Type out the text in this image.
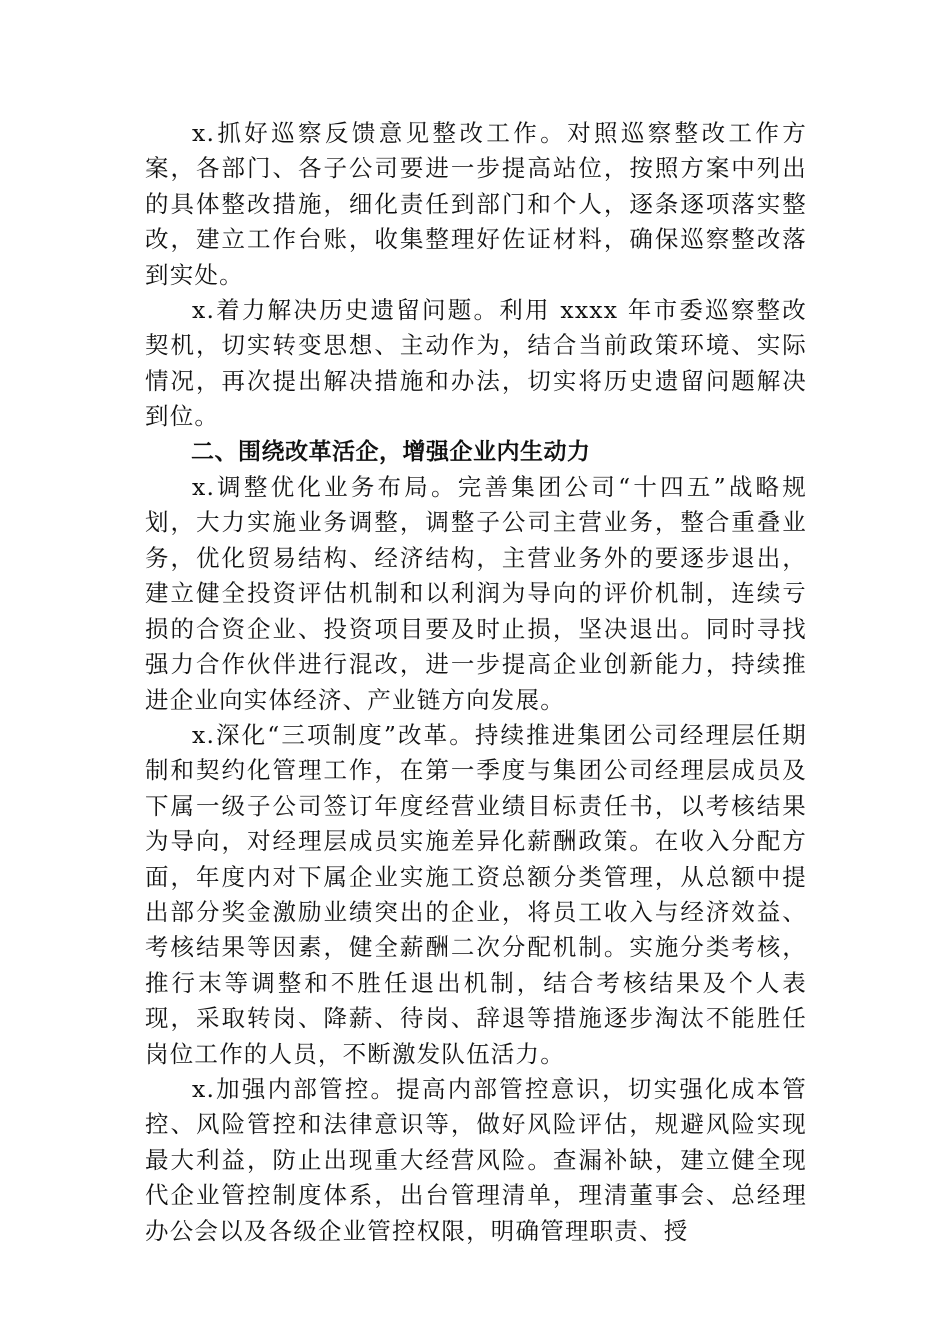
x.抓好巡察反馈意见整改工作。对照巡察整改工作方案，各部门、各子公司要进一步提高站位，按照方案中列出的具体整改措施，细化责任到部门和个人，逐条逐项落实整改，建立工作台账，收集整理好佐证材料，确保巡察整改落到实处。

x.着力解决历史遗留问题。利用 xxxx 年市委巡察整改契机，切实转变思想、主动作为，结合当前政策环境、实际情况，再次提出解决措施和办法，切实将历史遗留问题解决到位。

二、围绕改革活企，增强企业内生动力

x.调整优化业务布局。完善集团公司“十四五”战略规划，大力实施业务调整，调整子公司主营业务，整合重叠业务，优化贸易结构、经济结构，主营业务外的要逐步退出，建立健全投资评估机制和以利润为导向的评价机制，连续亏损的合资企业、投资项目要及时止损，坚决退出。同时寻找强力合作伙伴进行混改，进一步提高企业创新能力，持续推进企业向实体经济、产业链方向发展。

x.深化“三项制度”改革。持续推进集团公司经理层任期制和契约化管理工作，在第一季度与集团公司经理层成员及下属一级子公司签订年度经营业绩目标责任书，以考核结果为导向，对经理层成员实施差异化薪酬政策。在收入分配方面，年度内对下属企业实施工资总额分类管理，从总额中提出部分奖金激励业绩突出的企业，将员工收入与经济效益、考核结果等因素，健全薪酬二次分配机制。实施分类考核，推行末等调整和不胜任退出机制，结合考核结果及个人表现，采取转岗、降薪、待岗、辞退等措施逐步淘汰不能胜任岗位工作的人员，不断激发队伍活力。

x.加强内部管控。提高内部管控意识，切实强化成本管控、风险管控和法律意识等，做好风险评估，规避风险实现最大利益，防止出现重大经营风险。查漏补缺，建立健全现代企业管控制度体系，出台管理清单，理清董事会、总经理办公会以及各级企业管控权限，明确管理职责、授
